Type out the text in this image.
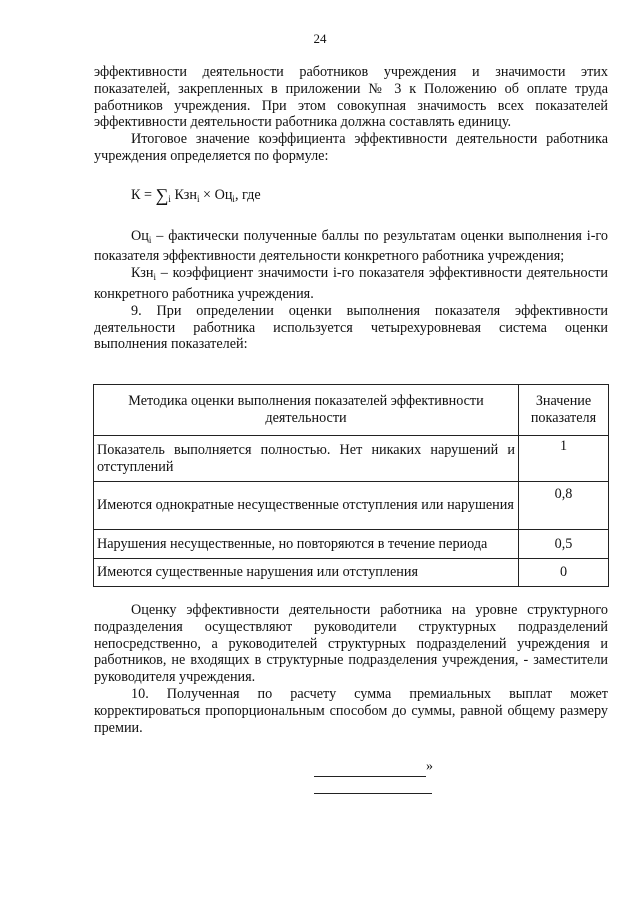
24

эффективности деятельности работников учреждения и значимости этих показателей, закрепленных в приложении № 3 к Положению об оплате труда работников учреждения. При этом совокупная значимость всех показателей эффективности деятельности работника должна составлять единицу.

Итоговое значение коэффициента эффективности деятельности работника учреждения определяется по формуле:

$К = \sum_i$ $Кзн_i \times Оц_i$, где

$Оц_i$ – фактически полученные баллы по результатам оценки выполнения i-го показателя эффективности деятельности конкретного работника учреждения;

Кзн$_i$ – коэффициент значимости i-го показателя эффективности деятельности конкретного работника учреждения.

9. При определении оценки выполнения показателя эффективности деятельности работника используется четырехуровневая система оценки выполнения показателей:

Методика оценки выполнения показателей эффективности деятельности	Значение показателя
Показатель выполняется полностью. Нет никаких нарушений и отступлений	1
Имеются однократные несущественные отступления или нарушения	0,8
Нарушения несущественные, но повторяются в течение периода	0,5
Имеются существенные нарушения или отступления	0

Оценку эффективности деятельности работника на уровне структурного подразделения осуществляют руководители структурных подразделений непосредственно, а руководителей структурных подразделений учреждения и работников, не входящих в структурные подразделения учреждения, - заместители руководителя учреждения.

10. Полученная по расчету сумма премиальных выплат может корректироваться пропорциональным способом до суммы, равной общему размеру премии.

»
